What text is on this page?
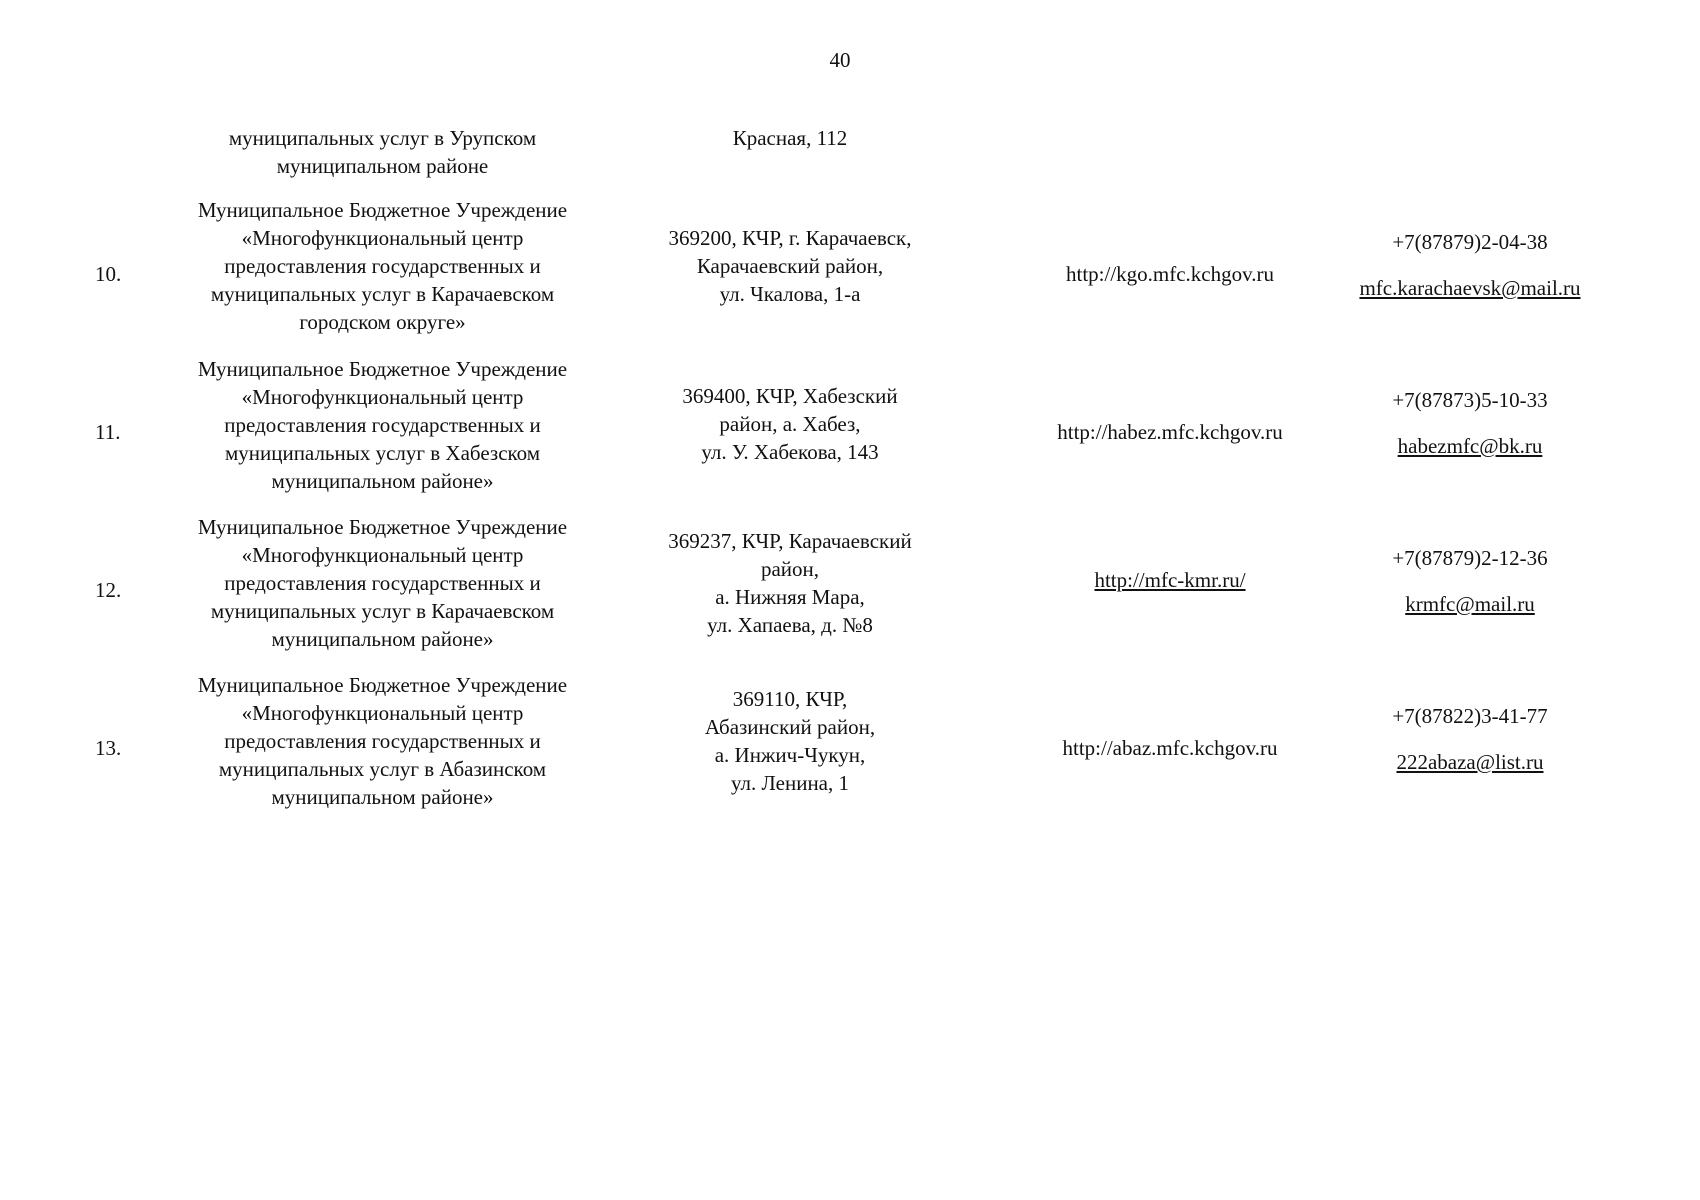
40
муниципальных услуг в Урупском
муниципальном районе
Красная, 112
10.
Муниципальное Бюджетное Учреждение
«Многофункциональный центр
предоставления государственных и
муниципальных услуг в Карачаевском
городском округе»
369200, КЧР, г. Карачаевск,
Карачаевский район,
ул. Чкалова, 1-а
http://kgo.mfc.kchgov.ru
+7(87879)2-04-38
mfc.karachaevsk@mail.ru
11.
Муниципальное Бюджетное Учреждение
«Многофункциональный центр
предоставления государственных и
муниципальных услуг в Хабезском
муниципальном районе»
369400, КЧР, Хабезский
район, а. Хабез,
ул. У. Хабекова, 143
http://habez.mfc.kchgov.ru
+7(87873)5-10-33
habezmfc@bk.ru
12.
Муниципальное Бюджетное Учреждение
«Многофункциональный центр
предоставления государственных и
муниципальных услуг в Карачаевском
муниципальном районе»
369237, КЧР, Карачаевский
район,
а. Нижняя Мара,
ул. Хапаева, д. №8
http://mfc-kmr.ru/
+7(87879)2-12-36
krmfc@mail.ru
13.
Муниципальное Бюджетное Учреждение
«Многофункциональный центр
предоставления государственных и
муниципальных услуг в Абазинском
муниципальном районе»
369110, КЧР,
Абазинский район,
а. Инжич-Чукун,
ул. Ленина, 1
http://abaz.mfc.kchgov.ru
+7(87822)3-41-77
222abaza@list.ru
